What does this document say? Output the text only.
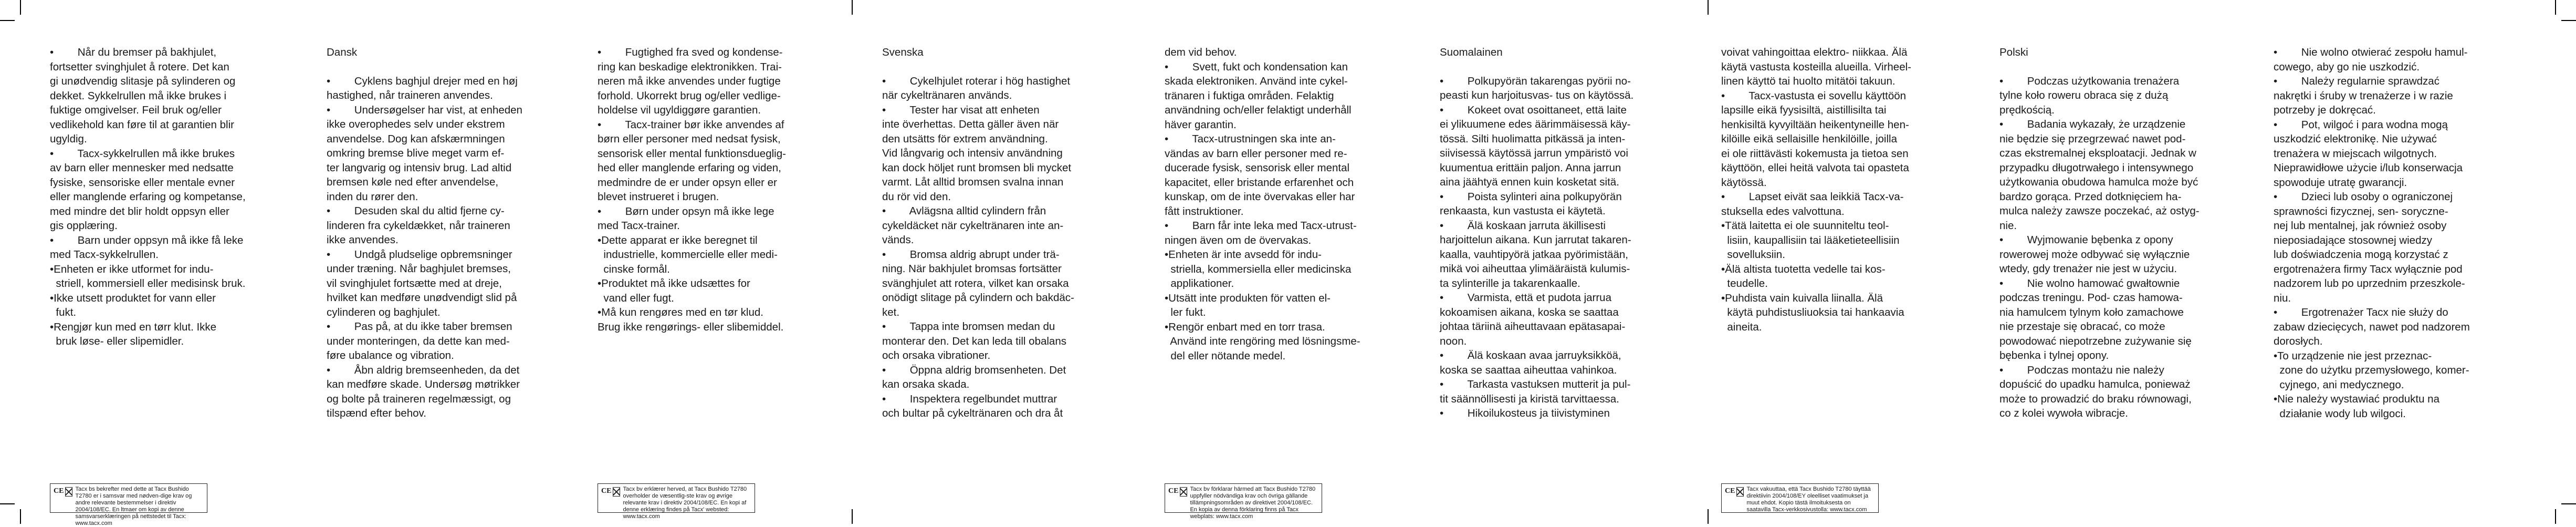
•        Når du bremser på bakhjulet,

fortsetter svinghjulet å rotere. Det kan

gi unødvendig slitasje på sylinderen og

dekket. Sykkelrullen må ikke brukes i

fuktige omgivelser. Feil bruk og/eller

vedlikehold kan føre til at garantien blir

ugyldig.

•        Tacx-sykkelrullen må ikke brukes

av barn eller mennesker med nedsatte

fysiske, sensoriske eller mentale evner

eller manglende erfaring og kompetanse,

med mindre det blir holdt oppsyn eller

gis opplæring.

•        Barn under oppsyn må ikke få leke

med Tacx-sykkelrullen.

•Enheten er ikke utformet for indu-

striell, kommersiell eller medisinsk bruk.

•Ikke utsett produktet for vann eller

fukt.

•Rengjør kun med en tørr klut. Ikke

bruk løse- eller slipemidler.

Dansk

•        Cyklens baghjul drejer med en høj

hastighed, når traineren anvendes.

•        Undersøgelser har vist, at enheden

ikke overophedes selv under ekstrem

anvendelse. Dog kan afskærmningen

omkring bremse blive meget varm ef-

ter langvarig og intensiv brug. Lad altid

bremsen køle ned efter anvendelse,

inden du rører den.

•        Desuden skal du altid fjerne cy-

linderen fra cykeldækket, når traineren

ikke anvendes.

•        Undgå pludselige opbremsninger

under træning. Når baghjulet bremses,

vil svinghjulet fortsætte med at dreje,

hvilket kan medføre unødvendigt slid på

cylinderen og baghjulet.

•        Pas på, at du ikke taber bremsen

under monteringen, da dette kan med-

føre ubalance og vibration.

•        Åbn aldrig bremseenheden, da det

kan medføre skade. Undersøg møtrikker

og bolte på traineren regelmæssigt, og

tilspænd efter behov.

•        Fugtighed fra sved og kondense-

ring kan beskadige elektronikken. Trai-

neren må ikke anvendes under fugtige

forhold. Ukorrekt brug og/eller vedlige-

holdelse vil ugyldiggøre garantien.

•        Tacx-trainer bør ikke anvendes af

børn eller personer med nedsat fysisk,

sensorisk eller mental funktionsdueglig-

hed eller manglende erfaring og viden,

medmindre de er under opsyn eller er

blevet instrueret i brugen.

•        Børn under opsyn må ikke lege

med Tacx-trainer.

•Dette apparat er ikke beregnet til

industrielle, kommercielle eller medi-

cinske formål.

•Produktet må ikke udsættes for

vand eller fugt.

•Må kun rengøres med en tør klud.

Brug ikke rengørings- eller slibemiddel.

Svenska

•        Cykelhjulet roterar i hög hastighet

när cykeltränaren används.

•        Tester har visat att enheten

inte överhettas. Detta gäller även när

den utsätts för extrem användning.

Vid långvarig och intensiv användning

kan dock höljet runt bromsen bli mycket

varmt. Låt alltid bromsen svalna innan

du rör vid den.

•        Avlägsna alltid cylindern från

cykeldäcket när cykeltränaren inte an-

vänds.

•        Bromsa aldrig abrupt under trä-

ning. När bakhjulet bromsas fortsätter

svänghjulet att rotera, vilket kan orsaka

onödigt slitage på cylindern och bakdäc-

ket.

•        Tappa inte bromsen medan du

monterar den. Det kan leda till obalans

och orsaka vibrationer.

•        Öppna aldrig bromsenheten. Det

kan orsaka skada.

•        Inspektera regelbundet muttrar

och bultar på cykeltränaren och dra åt

dem vid behov.

•        Svett, fukt och kondensation kan

skada elektroniken. Använd inte cykel-

tränaren i fuktiga områden. Felaktig

användning och/eller felaktigt underhåll

häver garantin.

•        Tacx-utrustningen ska inte an-

vändas av barn eller personer med re-

ducerade fysisk, sensorisk eller mental

kapacitet, eller bristande erfarenhet och

kunskap, om de inte övervakas eller har

fått instruktioner.

•        Barn får inte leka med Tacx-utrust-

ningen även om de övervakas.

•Enheten är inte avsedd för indu-

striella, kommersiella eller medicinska

applikationer.

•Utsätt inte produkten för vatten el-

ler fukt.

•Rengör enbart med en torr trasa.

Använd inte rengöring med lösningsme-

del eller nötande medel.

Suomalainen

•        Polkupyörän takarengas pyörii no-

peasti kun harjoitusvas- tus on käytössä.

•        Kokeet ovat osoittaneet, että laite

ei ylikuumene edes äärimmäisessä käy-

tössä. Silti huolimatta pitkässä ja inten-

siivisessä käytössä jarrun ympäristö voi

kuumentua erittäin paljon. Anna jarrun

aina jäähtyä ennen kuin kosketat sitä.

•        Poista sylinteri aina polkupyörän

renkaasta, kun vastusta ei käytetä.

•        Älä koskaan jarruta äkillisesti

harjoittelun aikana. Kun jarrutat takaren-

kaalla, vauhtipyörä jatkaa pyörimistään,

mikä voi aiheuttaa ylimääräistä kulumis-

ta sylinterille ja takarenkaalle.

•        Varmista, että et pudota jarrua

kokoamisen aikana, koska se saattaa

johtaa täriinä aiheuttavaan epätasapai-

noon.

•        Älä koskaan avaa jarruyksikköä,

koska se saattaa aiheuttaa vahinkoa.

•        Tarkasta vastuksen mutterit ja pul-

tit säännöllisesti ja kiristä tarvittaessa.

•        Hikoilukosteus ja tiivistyminen

voivat vahingoittaa elektro- niikkaa. Älä

käytä vastusta kosteilla alueilla. Virheel-

linen käyttö tai huolto mitätöi takuun.

•        Tacx-vastusta ei sovellu käyttöön

lapsille eikä fyysisiltä, aistillisilta tai

henkisiltä kyvyiltään heikentyneille hen-

kilöille eikä sellaisille henkilöille, joilla

ei ole riittävästi kokemusta ja tietoa sen

käyttöön, ellei heitä valvota tai opasteta

käytössä.

•        Lapset eivät saa leikkiä Tacx-va-

stuksella edes valvottuna.

•Tätä laitetta ei ole suunniteltu teol-

lisiin, kaupallisiin tai lääketieteellisiin

sovelluksiin.

•Älä altista tuotetta vedelle tai kos-

teudelle.

•Puhdista vain kuivalla liinalla. Älä

käytä puhdistusliuoksia tai hankaavia

aineita.

Polski

•        Podczas użytkowania trenażera

tylne koło roweru obraca się z dużą

prędkością.

•        Badania wykazały, że urządzenie

nie będzie się przegrzewać nawet pod-

czas ekstremalnej eksploatacji. Jednak w

przypadku długotrwałego i intensywnego

użytkowania obudowa hamulca może być

bardzo gorąca. Przed dotknięciem ha-

mulca należy zawsze poczekać, aż ostyg-

nie.

•        Wyjmowanie bębenka z opony

rowerowej może odbywać się wyłącznie

wtedy, gdy trenażer nie jest w użyciu.

•        Nie wolno hamować gwałtownie

podczas treningu. Pod- czas hamowa-

nia hamulcem tylnym koło zamachowe

nie przestaje się obracać, co może

powodować niepotrzebne zużywanie się

bębenka i tylnej opony.

•        Podczas montażu nie należy

dopuścić do upadku hamulca, ponieważ

może to prowadzić do braku równowagi,

co z kolei wywoła wibracje.

•        Nie wolno otwierać zespołu hamul-

cowego, aby go nie uszkodzić.

•        Należy regularnie sprawdzać

nakrętki i śruby w trenażerze i w razie

potrzeby je dokręcać.

•        Pot, wilgoć i para wodna mogą

uszkodzić elektronikę. Nie używać

trenażera w miejscach wilgotnych.

Nieprawidłowe użycie i/lub konserwacja

spowoduje utratę gwarancji.

•        Dzieci lub osoby o ograniczonej

sprawności fizycznej, sen- soryczne-

nej lub mentalnej, jak również osoby

nieposiadające stosownej wiedzy

lub doświadczenia mogą korzystać z

ergotrenażera firmy Tacx wyłącznie pod

nadzorem lub po uprzednim przeszkole-

niu.

•        Ergotrenażer Tacx nie służy do

zabaw dziecięcych, nawet pod nadzorem

dorosłych.

•To urządzenie nie jest przeznac-

zone do użytku przemysłowego, komer-

cyjnego, ani medycznego.

•Nie należy wystawiać produktu na

działanie wody lub wilgoci.

CE Tacx bs bekrefter med dette at Tacx Bushido T2780 er i samsvar med nødven-dige krav og andre relevante bestemmelser i direktiv 2004/108/EC. En ltmaer om kopi av denne samsvarserklæringen på nettstedet til Tacx: www.tacx.com
CE Tacx bv erklærer herved, at Tacx Bushido T2780 overholder de væsentlig-ste krav og øvrige relevante krav i direktiv 2004/108/EC. En kopi af denne erklæring findes på Tacx' websted: www.tacx.com
CE Tacx bv förklarar härmed att Tacx Bushido T2780 uppfyller nödvändiga krav och övriga gällande tillämpningsområden av direktivet 2004/108/EC. En kopia av denna förklaring finns på Tacx webplats: www.tacx.com
CE Tacx vakuuttaa, että Tacx Bushido T2780 täyttää direktiivin 2004/108/EY oleelliset vaatimukset ja muut ehdot. Kopio tästä ilmoituksesta on saatavilla Tacx-verkkosivustolla: www.tacx.com
